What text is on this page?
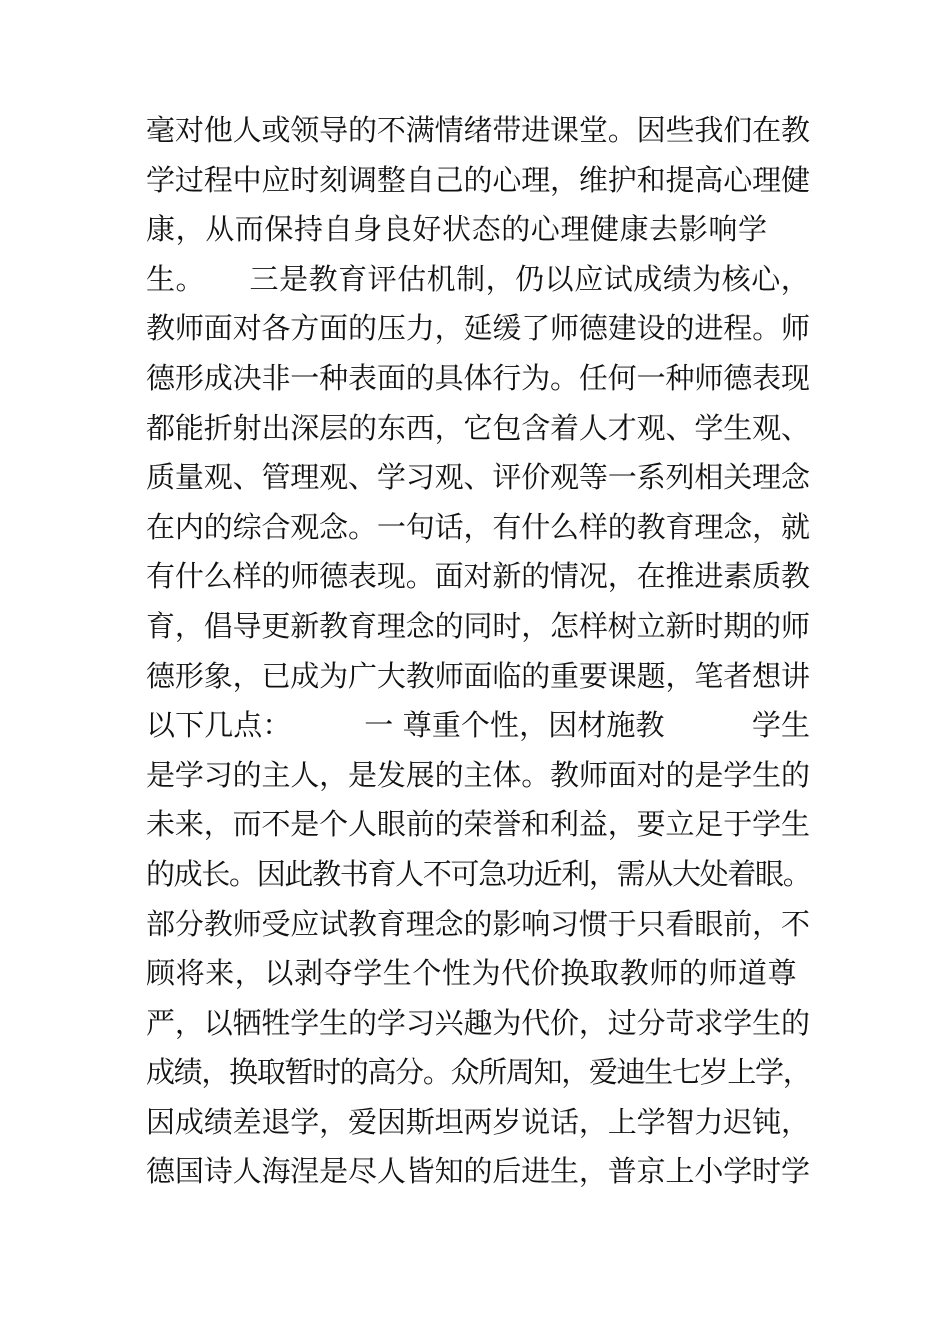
毫对他人或领导的不满情绪带进课堂。因些我们在教
学过程中应时刻调整自己的心理，维护和提高心理健
康，从而保持自身良好状态的心理健康去影响学
生。　　三是教育评估机制，仍以应试成绩为核心，
教师面对各方面的压力，延缓了师德建设的进程。师
德形成决非一种表面的具体行为。任何一种师德表现
都能折射出深层的东西，它包含着人才观、学生观、
质量观、管理观、学习观、评价观等一系列相关理念
在内的综合观念。一句话，有什么样的教育理念，就
有什么样的师德表现。面对新的情况，在推进素质教
育，倡导更新教育理念的同时，怎样树立新时期的师
德形象，已成为广大教师面临的重要课题，笔者想讲
以下几点：　　　一 尊重个性，因材施教　　　学生
是学习的主人，是发展的主体。教师面对的是学生的
未来，而不是个人眼前的荣誉和利益，要立足于学生
的成长。因此教书育人不可急功近利，需从大处着眼。
部分教师受应试教育理念的影响习惯于只看眼前，不
顾将来，以剥夺学生个性为代价换取教师的师道尊
严，以牺牲学生的学习兴趣为代价，过分苛求学生的
成绩，换取暂时的高分。众所周知，爱迪生七岁上学，
因成绩差退学，爱因斯坦两岁说话，上学智力迟钝，
德国诗人海涅是尽人皆知的后进生，普京上小学时学
